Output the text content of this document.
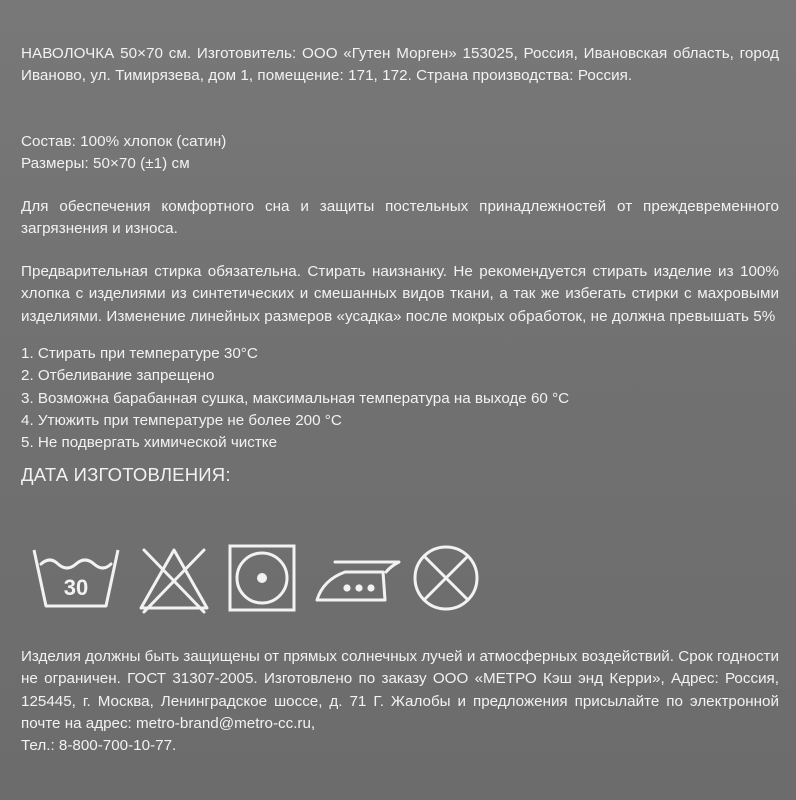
НАВОЛОЧКА 50×70 см. Изготовитель: ООО «Гутен Морген» 153025, Россия, Ивановская область, город Иваново, ул. Тимирязева, дом 1, помещение: 171, 172. Страна производства: Россия.

Состав: 100% хлопок (сатин)

Размеры: 50×70 (±1) см

Для обеспечения комфортного сна и защиты постельных принадлежностей от преждевременного загрязнения и износа.

Предварительная стирка обязательна. Стирать наизнанку. Не рекомендуется стирать изделие из 100% хлопка с изделиями из синтетических и смешанных видов ткани, а так же избегать стирки с махровыми изделиями. Изменение линейных размеров «усадка» после мокрых обработок, не должна превышать 5%

1. Стирать при температуре 30°C
2. Отбеливание запрещено
3. Возможна барабанная сушка, максимальная температура на выходе 60 °C
4. Утюжить при температуре не более 200 °C
5. Не подвергать химической чистке
ДАТА ИЗГОТОВЛЕНИЯ:
30

Изделия должны быть защищены от прямых солнечных лучей и атмосферных воздействий. Срок годности не ограничен. ГОСТ 31307-2005. Изготовлено по заказу ООО «МЕТРО Кэш энд Керри», Адрес: Россия, 125445, г. Москва, Ленинградское шоссе, д. 71 Г. Жалобы и предложения присылайте по электронной почте на адрес: metro-brand@metro-cc.ru,

Тел.: 8-800-700-10-77.
